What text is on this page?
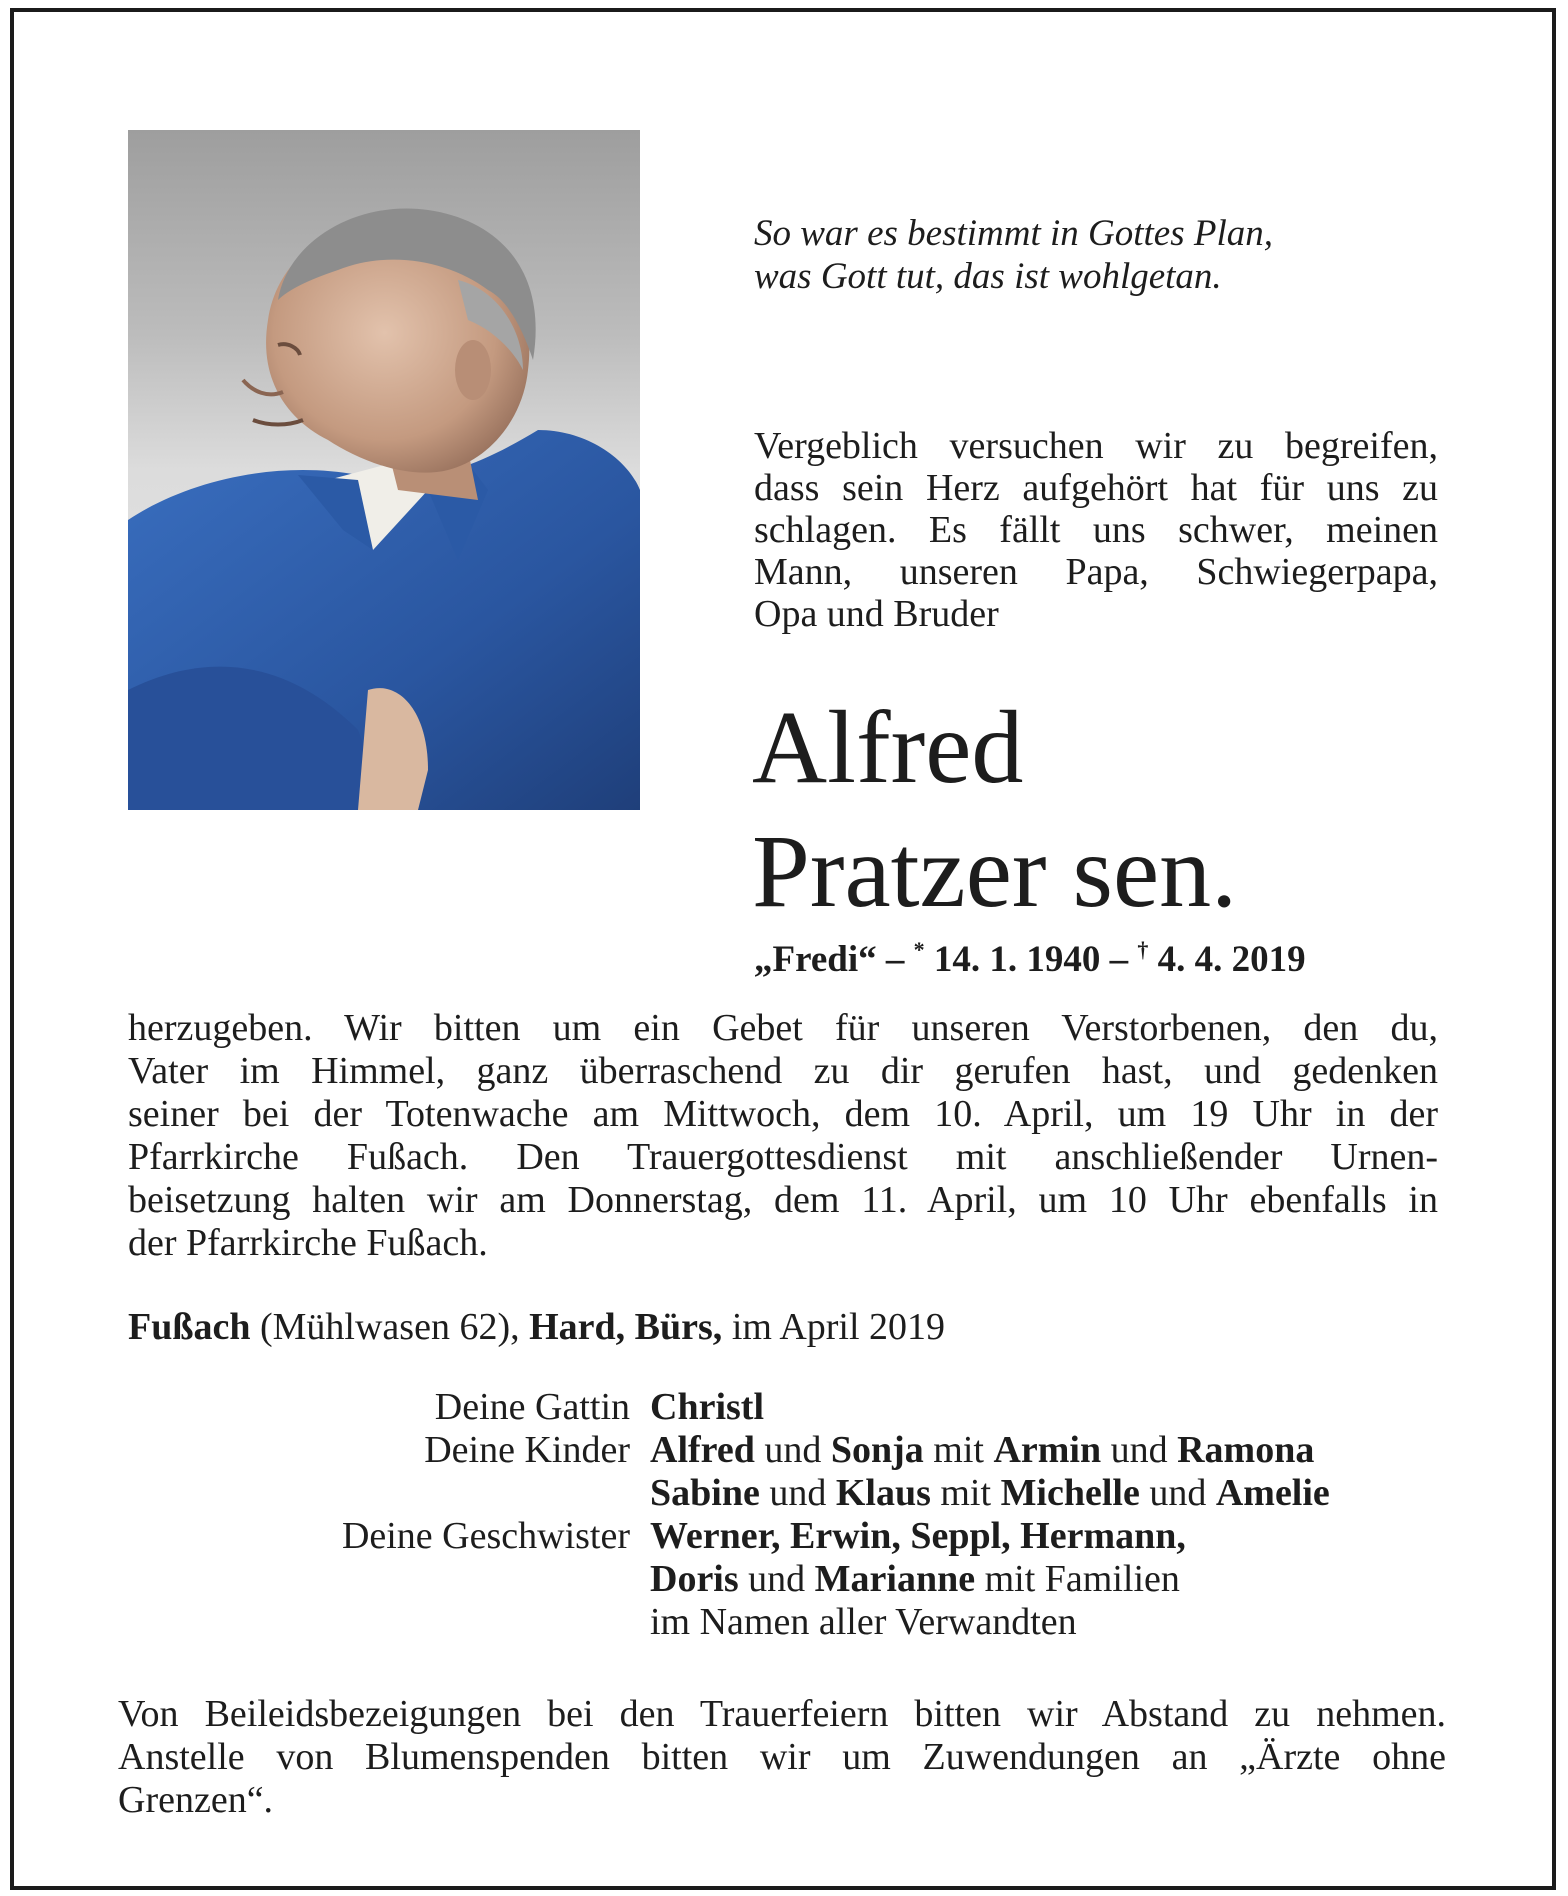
So war es bestimmt in Gottes Plan,
was Gott tut, das ist wohlgetan.
Vergeblich versuchen wir zu begreifen,
dass sein Herz aufgehört hat für uns zu
schlagen. Es fällt uns schwer, meinen
Mann, unseren Papa, Schwiegerpapa,
Opa und Bruder
Alfred
Pratzer sen.
„Fredi“ – * 14. 1. 1940 – † 4. 4. 2019
herzugeben. Wir bitten um ein Gebet für unseren Verstorbenen, den du,
Vater im Himmel, ganz überraschend zu dir gerufen hast, und gedenken
seiner bei der Totenwache am Mittwoch, dem 10. April, um 19 Uhr in der
Pfarrkirche Fußach. Den Trauergottesdienst mit anschließender Urnen-
beisetzung halten wir am Donnerstag, dem 11. April, um 10 Uhr ebenfalls in
der Pfarrkirche Fußach.
Fußach (Mühlwasen 62), Hard, Bürs, im April 2019
Deine Gattin Christl
Deine Kinder Alfred und Sonja mit Armin und Ramona
Sabine und Klaus mit Michelle und Amelie
Deine Geschwister Werner, Erwin, Seppl, Hermann,
Doris und Marianne mit Familien
im Namen aller Verwandten
Von Beileidsbezeigungen bei den Trauerfeiern bitten wir Abstand zu nehmen.
Anstelle von Blumenspenden bitten wir um Zuwendungen an „Ärzte ohne
Grenzen“.
